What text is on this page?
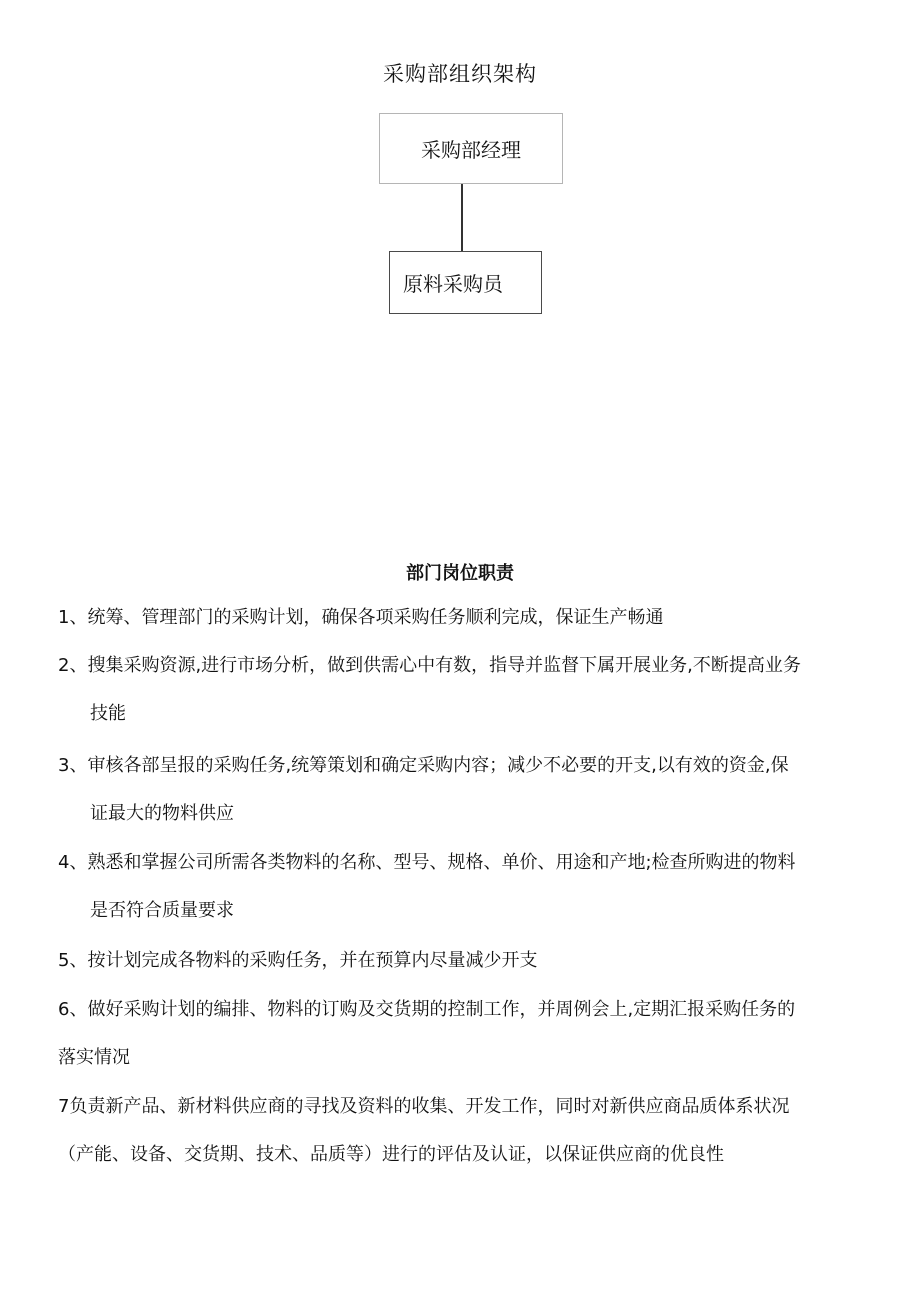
采购部组织架构
采购部经理
原料采购员
部门岗位职责

1、统筹、管理部门的采购计划，确保各项采购任务顺利完成，保证生产畅通

2、搜集采购资源,进行市场分析，做到供需心中有数，指导并监督下属开展业务,不断提高业务
技能

3、审核各部呈报的采购任务,统筹策划和确定采购内容；减少不必要的开支,以有效的资金,保
证最大的物料供应

4、熟悉和掌握公司所需各类物料的名称、型号、规格、单价、用途和产地;检查所购进的物料
是否符合质量要求

5、按计划完成各物料的采购任务，并在预算内尽量减少开支

6、做好采购计划的编排、物料的订购及交货期的控制工作，并周例会上,定期汇报采购任务的
落实情况

7负责新产品、新材料供应商的寻找及资料的收集、开发工作，同时对新供应商品质体系状况
（产能、设备、交货期、技术、品质等）进行的评估及认证，以保证供应商的优良性
